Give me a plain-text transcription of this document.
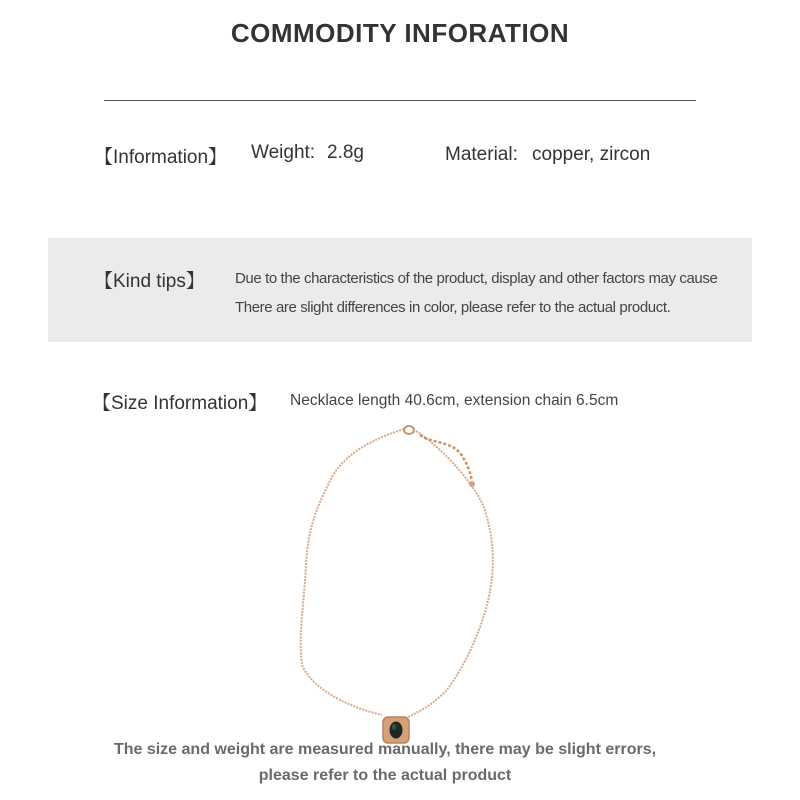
COMMODITY INFORATION
【Information】 Weight: 2.8g	Material: copper, zircon
【Kind tips】 Due to the characteristics of the product, display and other factors may cause
There are slight differences in color, please refer to the actual product.
【Size Information】 Necklace length 40.6cm, extension chain 6.5cm
The size and weight are measured manually, there may be slight errors,
please refer to the actual product
